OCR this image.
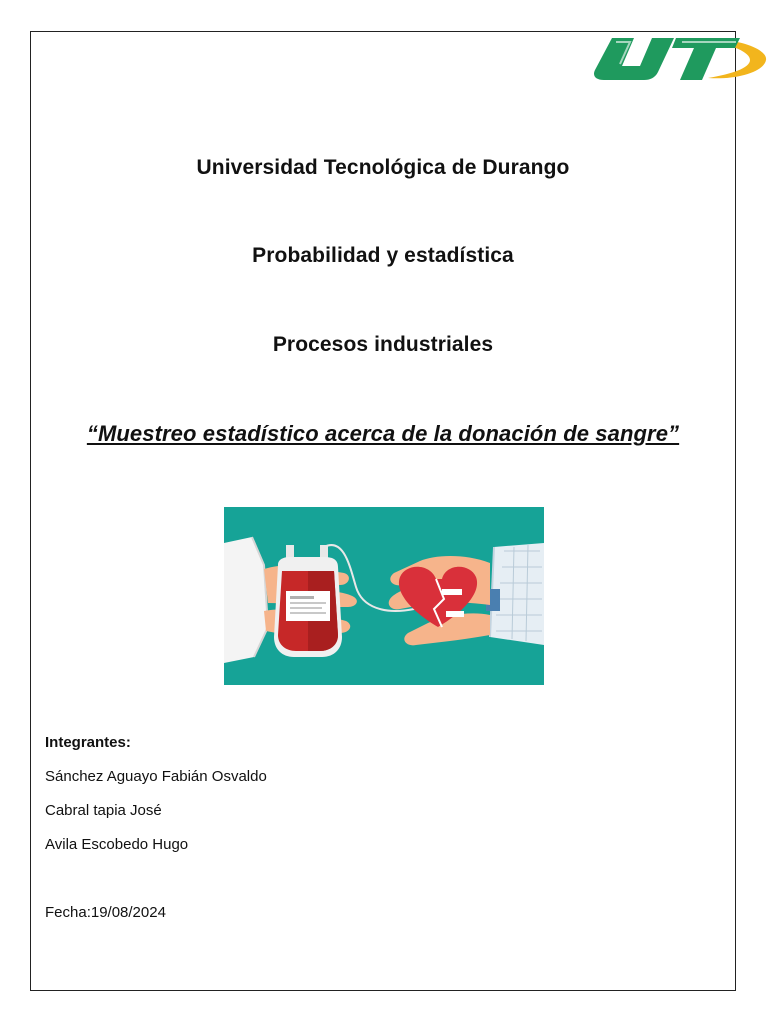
Universidad Tecnológica de Durango
Probabilidad y estadística
Procesos industriales
“Muestreo estadístico acerca de la donación de sangre”
Integrantes:
Sánchez Aguayo Fabián Osvaldo
Cabral tapia José
Avila Escobedo Hugo
Fecha:19/08/2024
